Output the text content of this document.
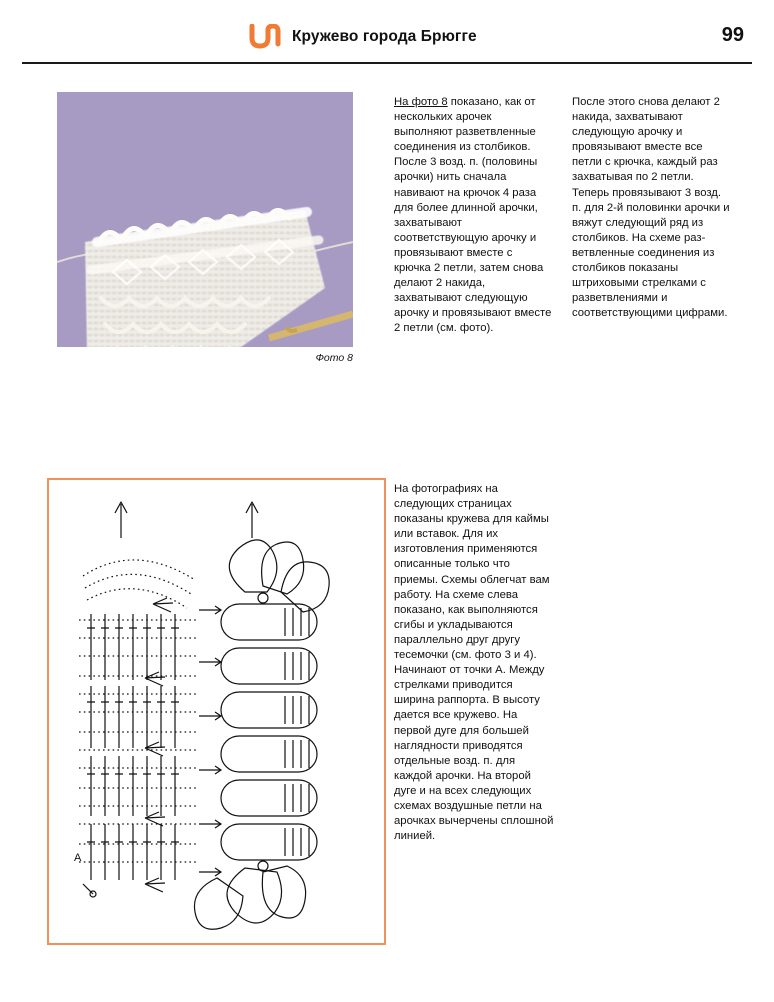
Кружево города Брюгге	99
Фото 8

На фото 8 показано, как от нескольких арочек выполняют разветвленные соединения из столбиков. После 3 возд. п. (половины арочки) нить сначала навивают на крючок 4 раза для более длинной арочки, захватывают соответствующую арочку и провязывают вместе с крючка 2 петли, затем снова делают 2 накида, захватывают следующую арочку и провязывают вместе 2 петли (см. фото).

После этого снова делают 2 накида, захватывают следующую арочку и провязывают вместе все петли с крючка, каждый раз захватывая по 2 петли. Теперь провязывают 3 возд. п. для 2-й половинки арочки и вяжут следующий ряд из столбиков. На схеме разветвленные соединения из столбиков показаны штриховыми стрелками с разветвлениями и соответствующими цифрами.

А

На фотографиях на следующих страницах показаны кружева для каймы или вставок. Для их изготовления применяются описанные только что приемы. Схемы облегчат вам работу. На схеме слева показано, как выполняются сгибы и укладываются параллельно друг другу тесемочки (см. фото 3 и 4). Начинают от точки А. Между стрелками приводится ширина раппорта. В высоту дается все кружево. На первой дуге для большей наглядности приводятся отдельные возд. п. для каждой арочки. На второй дуге и на всех следующих схемах воздушные петли на арочках вычерчены сплошной линией.
